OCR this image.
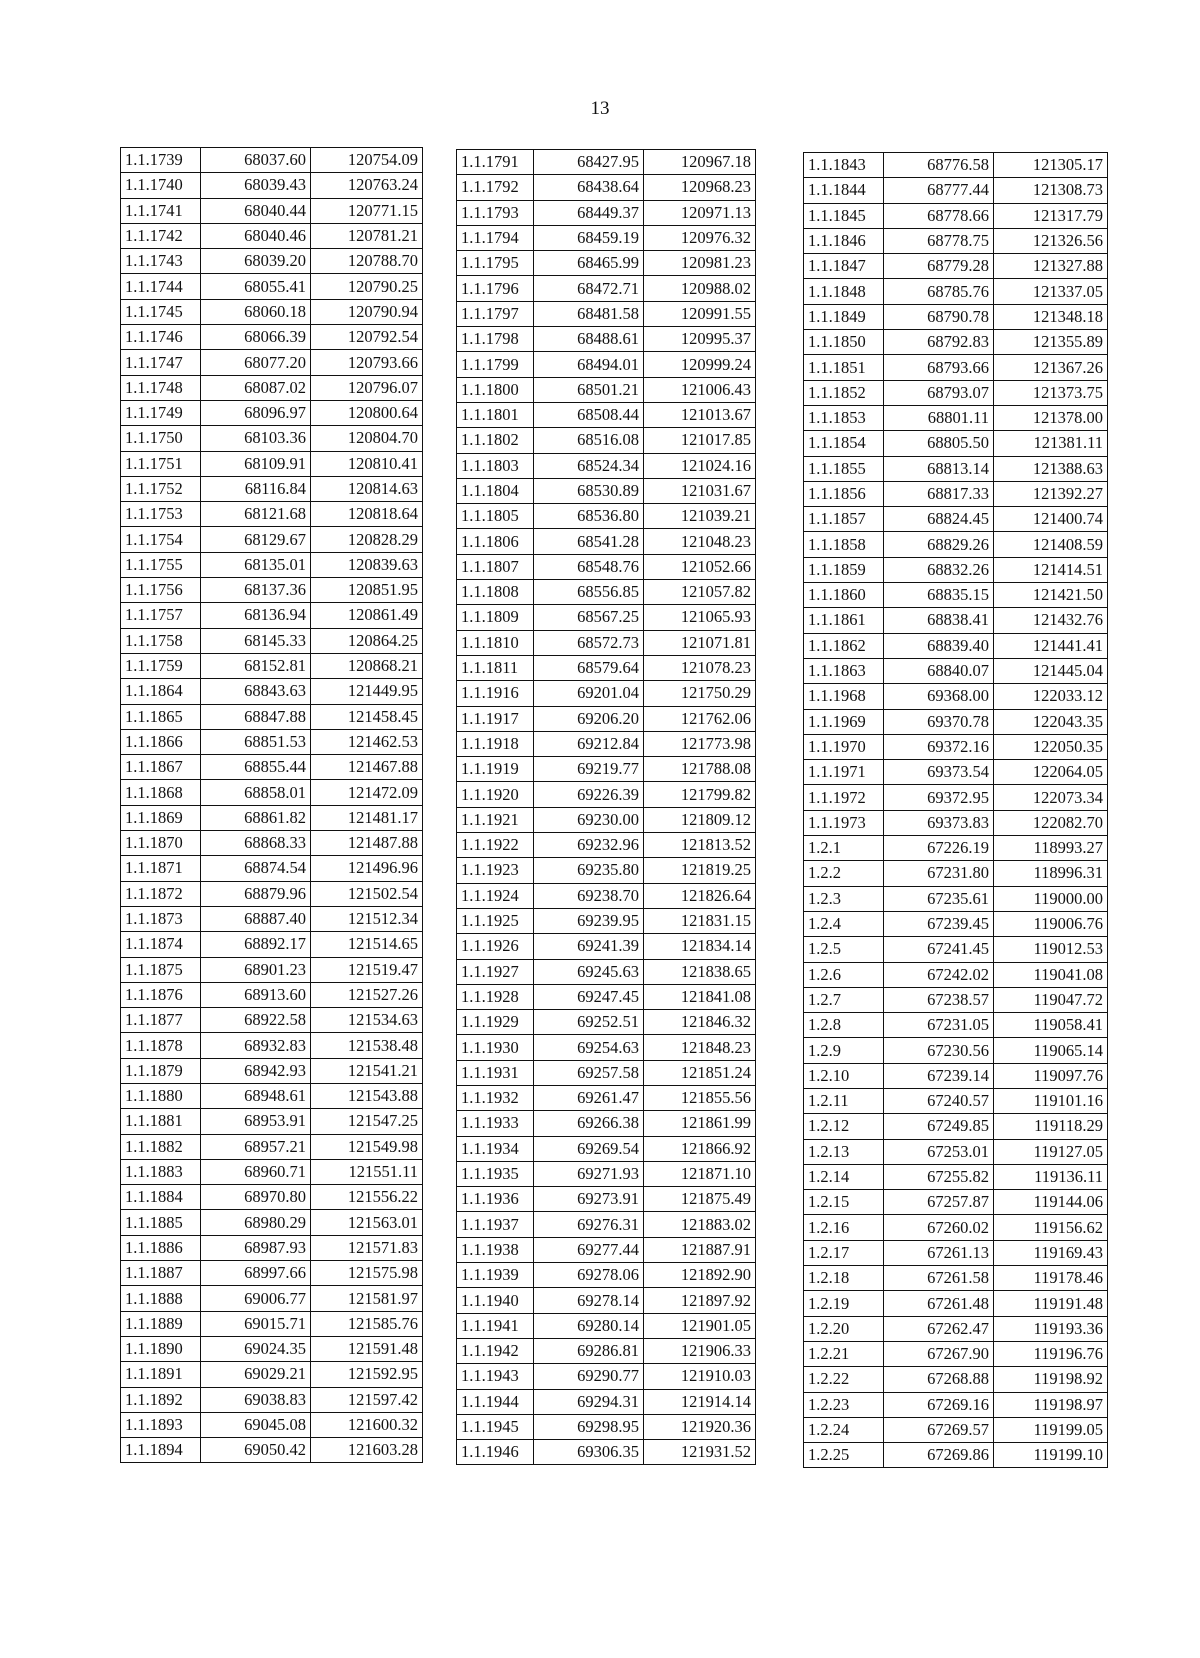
13
1.1.1739	68037.60	120754.09
1.1.1740	68039.43	120763.24
1.1.1741	68040.44	120771.15
1.1.1742	68040.46	120781.21
1.1.1743	68039.20	120788.70
1.1.1744	68055.41	120790.25
1.1.1745	68060.18	120790.94
1.1.1746	68066.39	120792.54
1.1.1747	68077.20	120793.66
1.1.1748	68087.02	120796.07
1.1.1749	68096.97	120800.64
1.1.1750	68103.36	120804.70
1.1.1751	68109.91	120810.41
1.1.1752	68116.84	120814.63
1.1.1753	68121.68	120818.64
1.1.1754	68129.67	120828.29
1.1.1755	68135.01	120839.63
1.1.1756	68137.36	120851.95
1.1.1757	68136.94	120861.49
1.1.1758	68145.33	120864.25
1.1.1759	68152.81	120868.21
1.1.1864	68843.63	121449.95
1.1.1865	68847.88	121458.45
1.1.1866	68851.53	121462.53
1.1.1867	68855.44	121467.88
1.1.1868	68858.01	121472.09
1.1.1869	68861.82	121481.17
1.1.1870	68868.33	121487.88
1.1.1871	68874.54	121496.96
1.1.1872	68879.96	121502.54
1.1.1873	68887.40	121512.34
1.1.1874	68892.17	121514.65
1.1.1875	68901.23	121519.47
1.1.1876	68913.60	121527.26
1.1.1877	68922.58	121534.63
1.1.1878	68932.83	121538.48
1.1.1879	68942.93	121541.21
1.1.1880	68948.61	121543.88
1.1.1881	68953.91	121547.25
1.1.1882	68957.21	121549.98
1.1.1883	68960.71	121551.11
1.1.1884	68970.80	121556.22
1.1.1885	68980.29	121563.01
1.1.1886	68987.93	121571.83
1.1.1887	68997.66	121575.98
1.1.1888	69006.77	121581.97
1.1.1889	69015.71	121585.76
1.1.1890	69024.35	121591.48
1.1.1891	69029.21	121592.95
1.1.1892	69038.83	121597.42
1.1.1893	69045.08	121600.32
1.1.1894	69050.42	121603.28
1.1.1791	68427.95	120967.18
1.1.1792	68438.64	120968.23
1.1.1793	68449.37	120971.13
1.1.1794	68459.19	120976.32
1.1.1795	68465.99	120981.23
1.1.1796	68472.71	120988.02
1.1.1797	68481.58	120991.55
1.1.1798	68488.61	120995.37
1.1.1799	68494.01	120999.24
1.1.1800	68501.21	121006.43
1.1.1801	68508.44	121013.67
1.1.1802	68516.08	121017.85
1.1.1803	68524.34	121024.16
1.1.1804	68530.89	121031.67
1.1.1805	68536.80	121039.21
1.1.1806	68541.28	121048.23
1.1.1807	68548.76	121052.66
1.1.1808	68556.85	121057.82
1.1.1809	68567.25	121065.93
1.1.1810	68572.73	121071.81
1.1.1811	68579.64	121078.23
1.1.1916	69201.04	121750.29
1.1.1917	69206.20	121762.06
1.1.1918	69212.84	121773.98
1.1.1919	69219.77	121788.08
1.1.1920	69226.39	121799.82
1.1.1921	69230.00	121809.12
1.1.1922	69232.96	121813.52
1.1.1923	69235.80	121819.25
1.1.1924	69238.70	121826.64
1.1.1925	69239.95	121831.15
1.1.1926	69241.39	121834.14
1.1.1927	69245.63	121838.65
1.1.1928	69247.45	121841.08
1.1.1929	69252.51	121846.32
1.1.1930	69254.63	121848.23
1.1.1931	69257.58	121851.24
1.1.1932	69261.47	121855.56
1.1.1933	69266.38	121861.99
1.1.1934	69269.54	121866.92
1.1.1935	69271.93	121871.10
1.1.1936	69273.91	121875.49
1.1.1937	69276.31	121883.02
1.1.1938	69277.44	121887.91
1.1.1939	69278.06	121892.90
1.1.1940	69278.14	121897.92
1.1.1941	69280.14	121901.05
1.1.1942	69286.81	121906.33
1.1.1943	69290.77	121910.03
1.1.1944	69294.31	121914.14
1.1.1945	69298.95	121920.36
1.1.1946	69306.35	121931.52
1.1.1843	68776.58	121305.17
1.1.1844	68777.44	121308.73
1.1.1845	68778.66	121317.79
1.1.1846	68778.75	121326.56
1.1.1847	68779.28	121327.88
1.1.1848	68785.76	121337.05
1.1.1849	68790.78	121348.18
1.1.1850	68792.83	121355.89
1.1.1851	68793.66	121367.26
1.1.1852	68793.07	121373.75
1.1.1853	68801.11	121378.00
1.1.1854	68805.50	121381.11
1.1.1855	68813.14	121388.63
1.1.1856	68817.33	121392.27
1.1.1857	68824.45	121400.74
1.1.1858	68829.26	121408.59
1.1.1859	68832.26	121414.51
1.1.1860	68835.15	121421.50
1.1.1861	68838.41	121432.76
1.1.1862	68839.40	121441.41
1.1.1863	68840.07	121445.04
1.1.1968	69368.00	122033.12
1.1.1969	69370.78	122043.35
1.1.1970	69372.16	122050.35
1.1.1971	69373.54	122064.05
1.1.1972	69372.95	122073.34
1.1.1973	69373.83	122082.70
1.2.1	67226.19	118993.27
1.2.2	67231.80	118996.31
1.2.3	67235.61	119000.00
1.2.4	67239.45	119006.76
1.2.5	67241.45	119012.53
1.2.6	67242.02	119041.08
1.2.7	67238.57	119047.72
1.2.8	67231.05	119058.41
1.2.9	67230.56	119065.14
1.2.10	67239.14	119097.76
1.2.11	67240.57	119101.16
1.2.12	67249.85	119118.29
1.2.13	67253.01	119127.05
1.2.14	67255.82	119136.11
1.2.15	67257.87	119144.06
1.2.16	67260.02	119156.62
1.2.17	67261.13	119169.43
1.2.18	67261.58	119178.46
1.2.19	67261.48	119191.48
1.2.20	67262.47	119193.36
1.2.21	67267.90	119196.76
1.2.22	67268.88	119198.92
1.2.23	67269.16	119198.97
1.2.24	67269.57	119199.05
1.2.25	67269.86	119199.10
